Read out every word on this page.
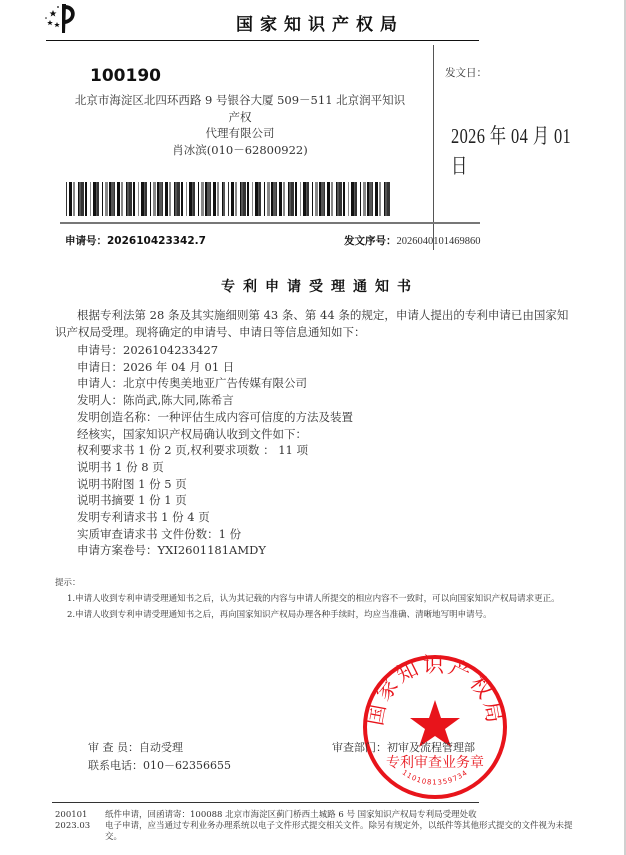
国家知识产权局
100190
北京市海淀区北四环西路 9 号银谷大厦 509－511 北京润平知识产权
代理有限公司
肖冰滨(010－62800922)
发文日：
2026 年 04 月 01 日
申请号：202610423342.7	发文序号：2026040101469860
专利申请受理通知书
根据专利法第 28 条及其实施细则第 43 条、第 44 条的规定，申请人提出的专利申请已由国家知识产权局受理。现将确定的申请号、申请日等信息通知如下：
申请号：2026104233427
申请日：2026 年 04 月 01 日
申请人：北京中传奥美地亚广告传媒有限公司
发明人：陈尚武,陈大同,陈希言
发明创造名称：一种评估生成内容可信度的方法及装置
经核实，国家知识产权局确认收到文件如下：
权利要求书 1 份 2 页,权利要求项数 ： 11 项
说明书 1 份 8 页
说明书附图 1 份 5 页
说明书摘要 1 份 1 页
发明专利请求书 1 份 4 页
实质审查请求书 文件份数：1 份
申请方案卷号：YXI2601181AMDY
提示：
1.申请人收到专利申请受理通知书之后，认为其记载的内容与申请人所提交的相应内容不一致时，可以向国家知识产权局请求更正。
2.申请人收到专利申请受理通知书之后，再向国家知识产权局办理各种手续时，均应当准确、清晰地写明申请号。
国家知识产权局
专利审查业务章
1101081359734
审 查 员：自动受理
联系电话：010－62356655
审查部门：初审及流程管理部
200101	纸件申请，回函请寄：100088 北京市海淀区蓟门桥西土城路 6 号 国家知识产权局专利局受理处收
2023.03	电子申请，应当通过专利业务办理系统以电子文件形式提交相关文件。除另有规定外，以纸件等其他形式提交的文件视为未提交。
